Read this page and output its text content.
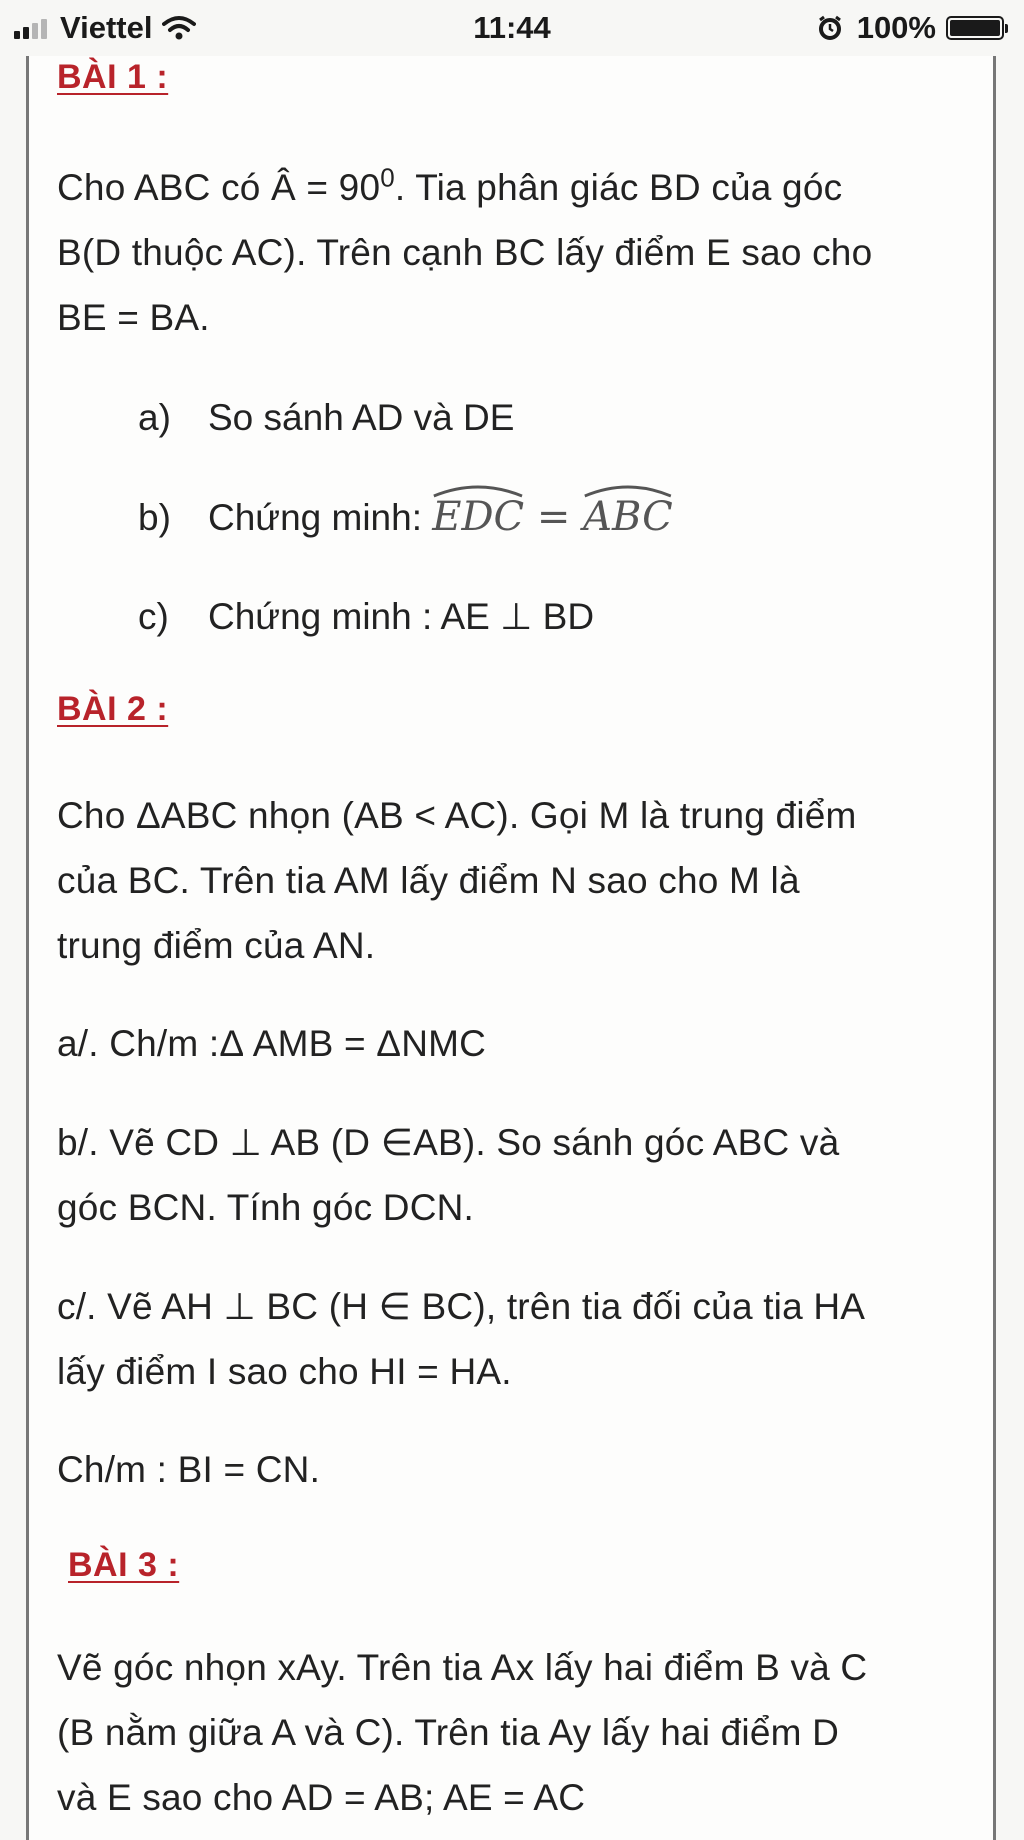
Viettel	11:44	100%
BÀI 1 :
Cho ABC có Â = $90^0$. Tia phân giác BD của góc
B(D thuộc AC). Trên cạnh BC lấy điểm E sao cho
BE = BA.
a) So sánh AD và DE
b) Chứng minh:
EDC =
ABC
c) Chứng minh : AE ⊥ BD
BÀI 2 :
Cho ΔABC nhọn (AB < AC). Gọi M là trung điểm
của BC. Trên tia AM lấy điểm N sao cho M là
trung điểm của AN.
a/. Ch/m :Δ AMB = ΔNMC
b/. Vẽ CD ⊥ AB (D ∈AB). So sánh góc ABC và
góc BCN. Tính góc DCN.
c/. Vẽ AH ⊥ BC (H ∈ BC), trên tia đối của tia HA
lấy điểm I sao cho HI = HA.
Ch/m : BI = CN.
BÀI 3 :
Vẽ góc nhọn xAy. Trên tia Ax lấy hai điểm B và C
(B nằm giữa A và C). Trên tia Ay lấy hai điểm D
và E sao cho AD = AB; AE = AC
